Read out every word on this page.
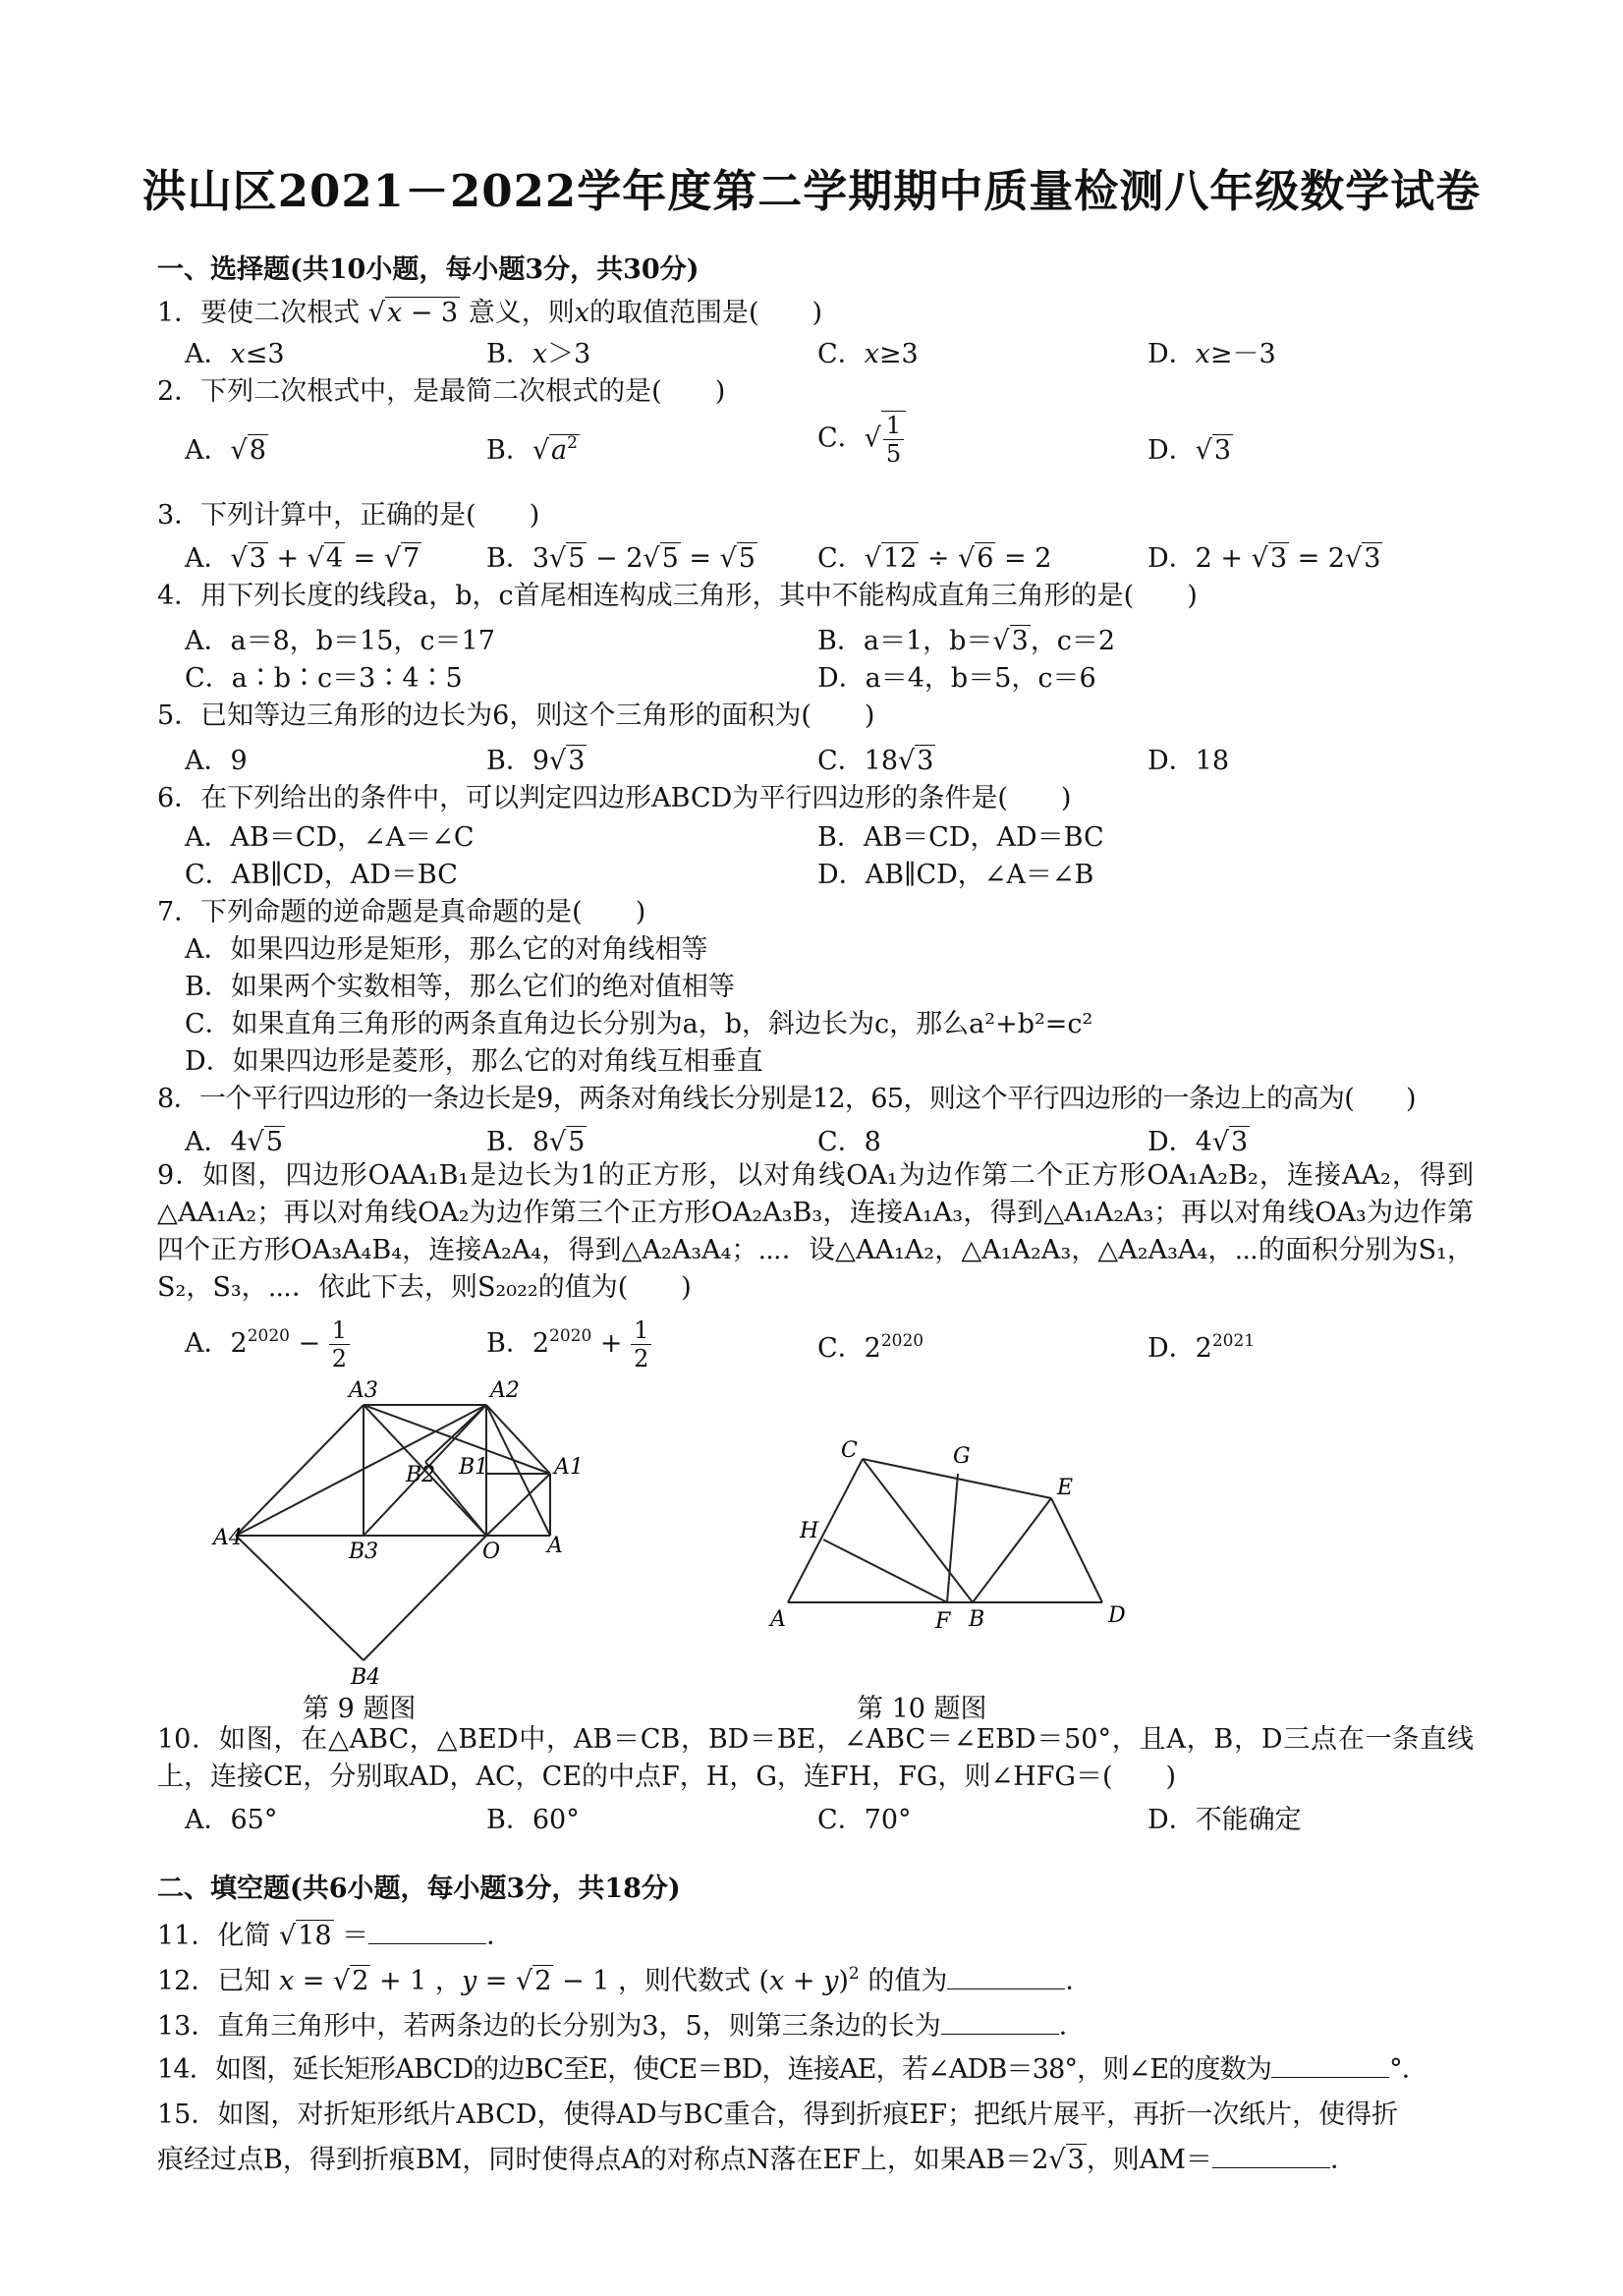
洪山区2021－2022学年度第二学期期中质量检测八年级数学试卷
一、选择题(共10小题，每小题3分，共30分)
1．要使二次根式 √x − 3 意义，则x的取值范围是(　　)
A．x≤3	B．x＞3	C．x≥3	D．x≥－3
2．下列二次根式中，是最简二次根式的是(　　)
A．√8	B．$√a^2$	C．√ $\frac{1}{5}$	D．√3
3．下列计算中，正确的是(　　)
A．√3 + √4 = √7	B．3√5 − 2√5 = √5 C．√12 ÷ √6 = 2	D．2 + √3 = 2√3
4．用下列长度的线段a，b，c首尾相连构成三角形，其中不能构成直角三角形的是(　　)
A．a＝8，b＝15，c＝17	B．a＝1，b＝√3，c＝2
C．a∶b∶c＝3∶4∶5	D．a＝4，b＝5，c＝6
5．已知等边三角形的边长为6，则这个三角形的面积为(　　)
A．9	B．9√3	C．18√3	D．18
6．在下列给出的条件中，可以判定四边形ABCD为平行四边形的条件是(　　)
A．AB＝CD，∠A＝∠C	B．AB＝CD，AD＝BC
C．AB∥CD，AD＝BC	D．AB∥CD，∠A＝∠B
7．下列命题的逆命题是真命题的是(　　)
A．如果四边形是矩形，那么它的对角线相等
B．如果两个实数相等，那么它们的绝对值相等
C．如果直角三角形的两条直角边长分别为a，b，斜边长为c，那么a²+b²=c²
D．如果四边形是菱形，那么它的对角线互相垂直
8．一个平行四边形的一条边长是9，两条对角线长分别是12，65，则这个平行四边形的一条边上的高为(　　)
A．4√5	B．8√5	C．8	D．4√3
9．如图，四边形OAA₁B₁是边长为1的正方形，以对角线OA₁为边作第二个正方形OA₁A₂B₂，连接AA₂，得到△AA₁A₂；再以对角线OA₂为边作第三个正方形OA₂A₃B₃，连接A₁A₃，得到△A₁A₂A₃；再以对角线OA₃为边作第四个正方形OA₃A₄B₄，连接A₂A₄，得到△A₂A₃A₄；⋯．设△AA₁A₂，△A₁A₂A₃，△A₂A₃A₄，⋯的面积分别为S₁，S₂，S₃，⋯．依此下去，则S₂₀₂₂的值为(　　)
A．$2^{2020} - \frac{1}{2}$	B．$2^{2020} + \frac{1}{2}$	C．$2^{2020}$	D．$2^{2021}$
A3	A2
B2 B1	A1
A4
B3	O A
B4
C	G
E
H
A	F B	D
第 9 题图	第 10 题图
10．如图，在△ABC，△BED中，AB＝CB，BD＝BE，∠ABC＝∠EBD＝50°，且A，B，D三点在一条直线上，连接CE，分别取AD，AC，CE的中点F，H，G，连FH，FG，则∠HFG＝(　　)
A．65°	B．60°	C．70°	D．不能确定
二、填空题(共6小题，每小题3分，共18分)
11．化简 √18 ＝	．
12．已知 x = √2 + 1 ，y = √2 − 1 ，则代数式 $(x + y)^2$ 的值为	．
13．直角三角形中，若两条边的长分别为3，5，则第三条边的长为	．
14．如图，延长矩形ABCD的边BC至E，使CE＝BD，连接AE，若∠ADB＝38°，则∠E的度数为	°．
15．如图，对折矩形纸片ABCD，使得AD与BC重合，得到折痕EF；把纸片展平，再折一次纸片，使得折
痕经过点B，得到折痕BM，同时使得点A的对称点N落在EF上，如果AB＝2√3，则AM＝	．
